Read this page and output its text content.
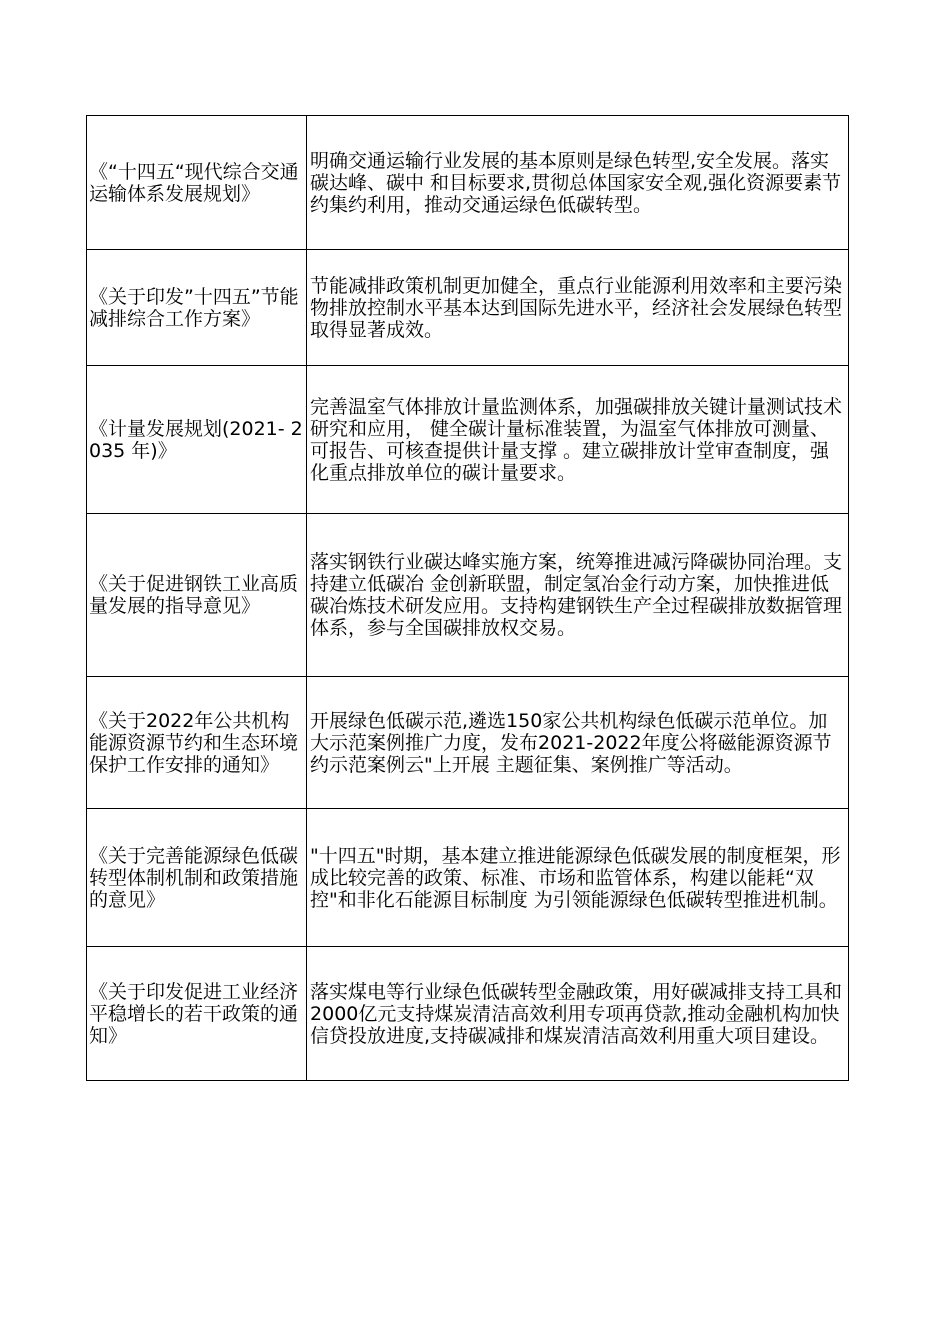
《“十四五“现代综合交通运输体系发展规划》	明确交通运输行业发展的基本原则是绿色转型,安全发展。落实碳达峰、碳中 和目标要求,贯彻总体国家安全观,强化资源要素节约集约利用，推动交通运绿色低碳转型。
《关于印发”十四五”节能减排综合工作方案》	节能减排政策机制更加健全，重点行业能源利用效率和主要污染物排放控制水平基本达到国际先进水平，经济社会发展绿色转型取得显著成效。
《计量发展规划(2021- 2035 年)》	完善温室气体排放计量监测体系，加强碳排放关键计量测试技术研究和应用， 健全碳计量标准装置，为温室气体排放可测量、可报告、可核查提供计量支撑 。建立碳排放计堂审查制度，强化重点排放单位的碳计量要求。
《关于促进钢铁工业高质量发展的指导意见》	落实钢铁行业碳达峰实施方案，统筹推进减污降碳协同治理。支持建立低碳冶 金创新联盟，制定氢冶金行动方案，加快推进低碳冶炼技术研发应用。支持构建钢铁生产全过程碳排放数据管理体系，参与全国碳排放权交易。
《关于2022年公共机构能源资源节约和生态环境保护工作安排的通知》	开展绿色低碳示范,遴选150家公共机构绿色低碳示范单位。加大示范案例推广力度，发布2021-2022年度公将磁能源资源节约示范案例云"上开展 主题征集、案例推广等活动。
《关于完善能源绿色低碳转型体制机制和政策措施的意见》	"十四五"时期，基本建立推进能源绿色低碳发展的制度框架，形成比较完善的政策、标准、市场和监管体系，构建以能耗“双控"和非化石能源目标制度 为引领能源绿色低碳转型推进机制。
《关于印发促进工业经济平稳增长的若干政策的通知》	落实煤电等行业绿色低碳转型金融政策，用好碳减排支持工具和2000亿元支持煤炭清洁高效利用专项再贷款,推动金融机构加快信贷投放进度,支持碳减排和煤炭清洁高效利用重大项目建设。
